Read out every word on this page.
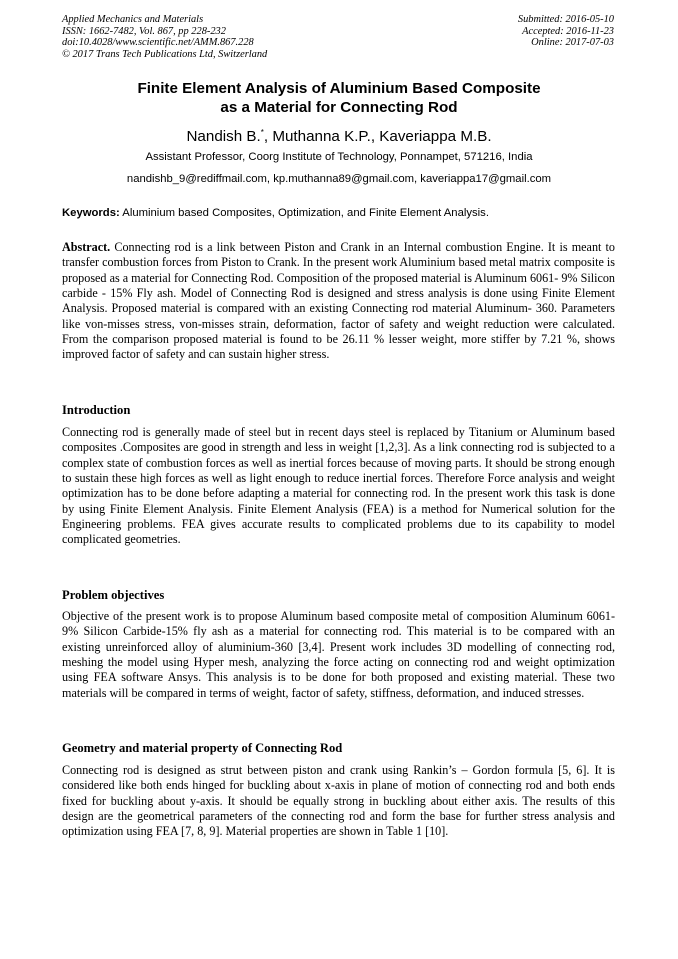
Applied Mechanics and Materials
ISSN: 1662-7482, Vol. 867, pp 228-232
doi:10.4028/www.scientific.net/AMM.867.228
© 2017 Trans Tech Publications Ltd, Switzerland
Submitted: 2016-05-10
Accepted: 2016-11-23
Online: 2017-07-03
Finite Element Analysis of Aluminium Based Composite
as a Material for Connecting Rod
Nandish B.*, Muthanna K.P., Kaveriappa M.B.
Assistant Professor, Coorg Institute of Technology, Ponnampet, 571216, India
nandishb_9@rediffmail.com, kp.muthanna89@gmail.com, kaveriappa17@gmail.com
Keywords: Aluminium based Composites, Optimization, and Finite Element Analysis.
Abstract. Connecting rod is a link between Piston and Crank in an Internal combustion Engine. It is meant to transfer combustion forces from Piston to Crank. In the present work Aluminium based metal matrix composite is proposed as a material for Connecting Rod. Composition of the proposed material is Aluminum 6061- 9% Silicon carbide - 15% Fly ash. Model of Connecting Rod is designed and stress analysis is done using Finite Element Analysis. Proposed material is compared with an existing Connecting rod material Aluminum- 360. Parameters like von-misses stress, von-misses strain, deformation, factor of safety and weight reduction were calculated. From the comparison proposed material is found to be 26.11 % lesser weight, more stiffer by 7.21 %, shows improved factor of safety and can sustain higher stress.
Introduction
Connecting rod is generally made of steel but in recent days steel is replaced by Titanium or Aluminum based composites .Composites are good in strength and less in weight [1,2,3]. As a link connecting rod is subjected to a complex state of combustion forces as well as inertial forces because of moving parts. It should be strong enough to sustain these high forces as well as light enough to reduce inertial forces. Therefore Force analysis and weight optimization has to be done before adapting a material for connecting rod. In the present work this task is done by using Finite Element Analysis. Finite Element Analysis (FEA) is a method for Numerical solution for the Engineering problems. FEA gives accurate results to complicated problems due to its capability to model complicated geometries.
Problem objectives
Objective of the present work is to propose Aluminum based composite metal of composition Aluminum 6061- 9% Silicon Carbide-15% fly ash as a material for connecting rod. This material is to be compared with an existing unreinforced alloy of aluminium-360 [3,4]. Present work includes 3D modelling of connecting rod, meshing the model using Hyper mesh, analyzing the force acting on connecting rod and weight optimization using FEA software Ansys. This analysis is to be done for both proposed and existing material. These two materials will be compared in terms of weight, factor of safety, stiffness, deformation, and induced stresses.
Geometry and material property of Connecting Rod
Connecting rod is designed as strut between piston and crank using Rankin’s – Gordon formula [5, 6]. It is considered like both ends hinged for buckling about x-axis in plane of motion of connecting rod and both ends fixed for buckling about y-axis. It should be equally strong in buckling about either axis. The results of this design are the geometrical parameters of the connecting rod and form the base for further stress analysis and optimization using FEA [7, 8, 9]. Material properties are shown in Table 1 [10].
